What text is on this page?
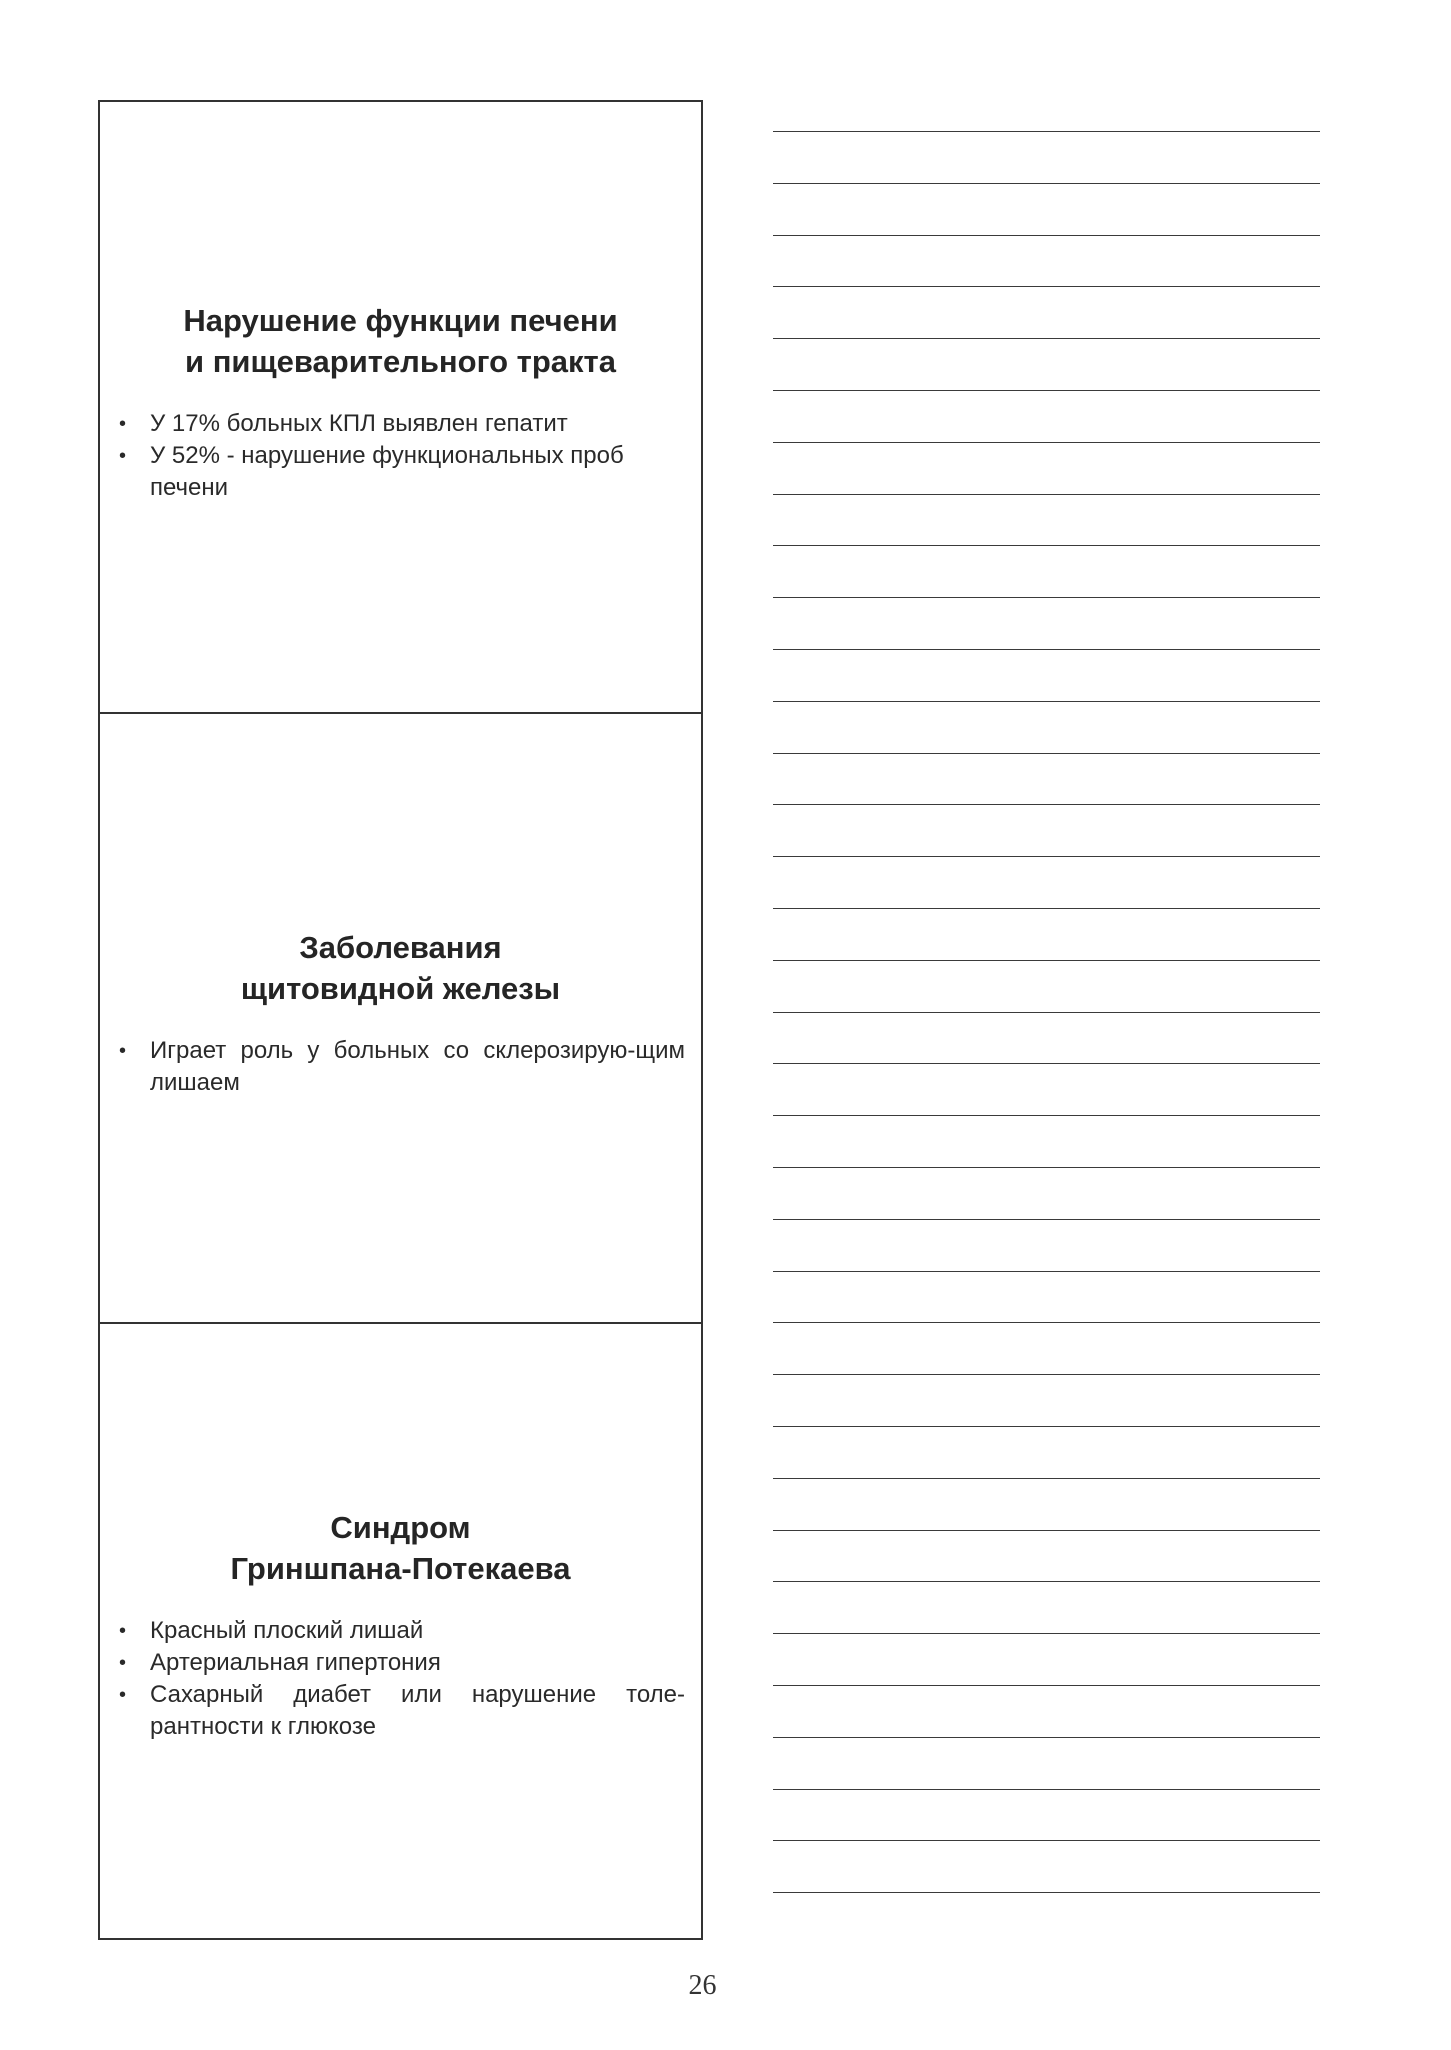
Нарушение функции печени
и пищеварительного тракта
• У 17% больных КПЛ выявлен гепатит
• У 52% - нарушение функциональных проб печени
Заболевания
щитовидной железы
• Играет роль у больных со склерозирую-щим лишаем
Синдром
Гриншпана-Потекаева
• Красный плоский лишай
• Артериальная гипертония
• Сахарный диабет или нарушение толе-рантности к глюкозе
26
